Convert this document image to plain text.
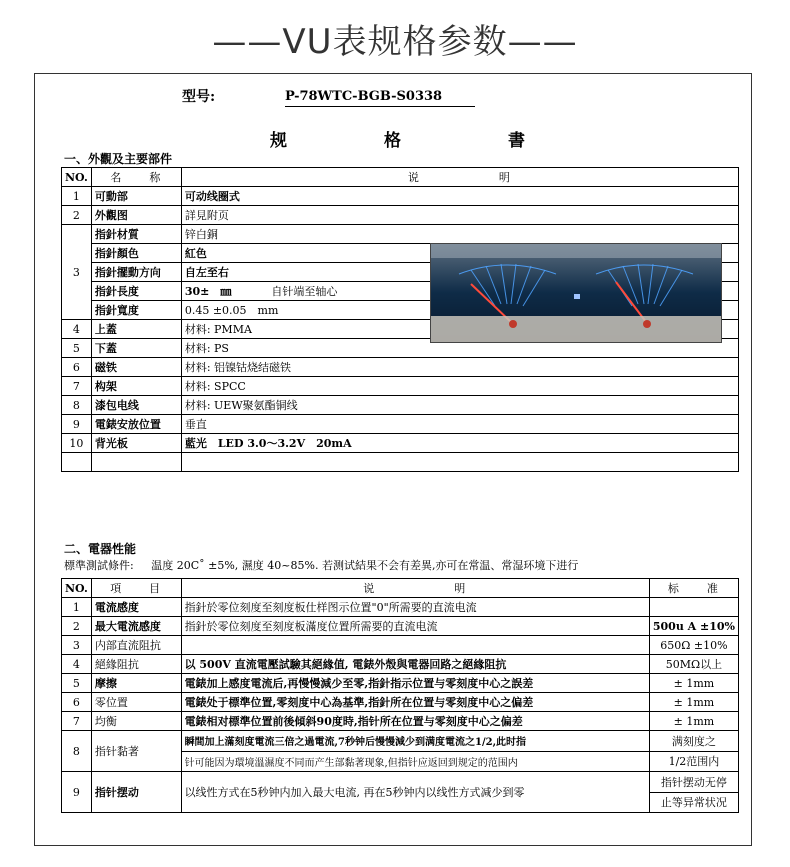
——VU表规格参数——
型号:	P-78WTC-BGB-S0338
规	格	書
一、外觀及主要部件
NO.	名　　称	说　　　　　　明
1	可動部	可动线圈式
2	外觀图	詳見附页
3	指針材質	锌白銅
	指針顏色	紅色
	指針擺動方向	自左至右
	指針長度	30±　㎜ 自针端至轴心
	指針寬度	0.45 ±0.05　mm
4	上蓋	材料: PMMA
5	下蓋	材料: PS
6	磁铁	材料: 铝镍钴烧结磁铁
7	构架	材料: SPCC
8	漆包电线	材料: UEW聚氨酯铜线
9	電錶安放位置	垂直
10	背光板	藍光　LED 3.0～3.2V　20mA

二、電器性能
標準測試條件: 温度 20C˚ ±5%, 濕度 40~85%. 若测试結果不会有差異,亦可在常温、常湿环境下进行
NO.	項　　目	说　　　　　　明	标　　准
1	電流感度	指針於零位刻度至刻度板仕样图示位置"0"所需要的直流电流	
2	最大電流感度	指針於零位刻度至刻度板滿度位置所需要的直流电流	500u A ±10%
3	内部直流阻抗		650Ω ±10%
4	絕緣阻抗	以 500V 直流電壓試驗其絕緣值, 電錶外殼與電器回路之絕緣阻抗	50MΩ以上
5	摩擦	電錶加上感度電流后,再慢慢減少至零,指針指示位置与零刻度中心之誤差	± 1mm
6	零位置	電錶处于標準位置,零刻度中心為基準,指針所在位置与零刻度中心之偏差	± 1mm
7	均衡	電錶相对標準位置前後傾斜90度時,指针所在位置与零刻度中心之偏差	± 1mm
8	指针黏著	瞬間加上滿刻度電流三倍之過電流,7秒钟后慢慢減少到满度電流之1/2,此时指	满刻度之
		针可能因为環境溫濕度不同而产生部黏著现象,但指针应返回到规定的范围内	1/2范围内
9	指针摆动	以线性方式在5秒钟内加入最大电流, 再在5秒钟内以线性方式减少到零	指针摆动无停
			止等异常状况
